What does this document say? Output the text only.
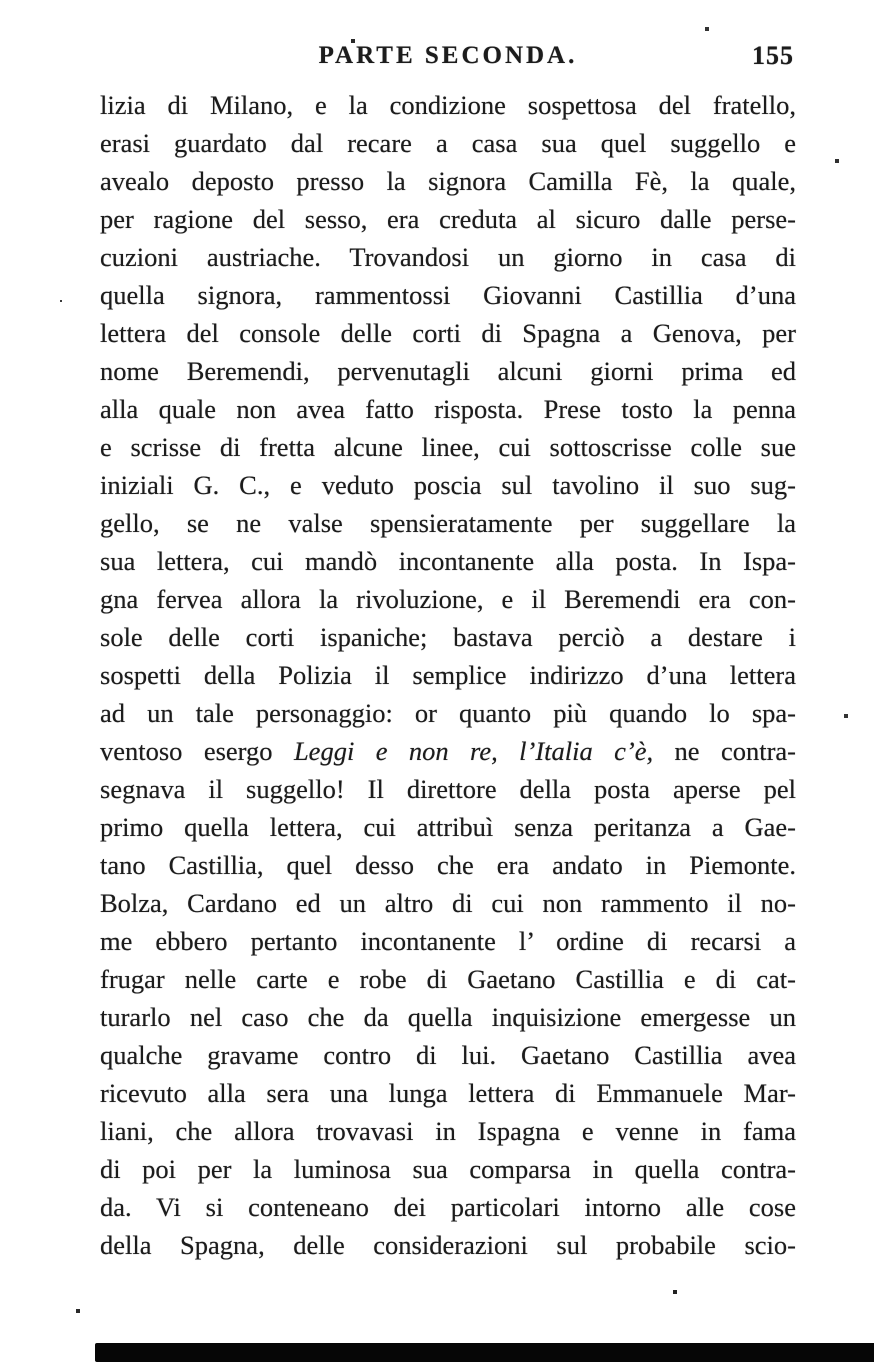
PARTE SECONDA.	155
lizia di Milano, e la condizione sospettosa del fratello,
erasi guardato dal recare a casa sua quel suggello e
avealo deposto presso la signora Camilla Fè, la quale,
per ragione del sesso, era creduta al sicuro dalle perse-
cuzioni austriache. Trovandosi un giorno in casa di
quella signora, rammentossi Giovanni Castillia d’una
lettera del console delle corti di Spagna a Genova, per
nome Beremendi, pervenutagli alcuni giorni prima ed
alla quale non avea fatto risposta. Prese tosto la penna
e scrisse di fretta alcune linee, cui sottoscrisse colle sue
iniziali G. C., e veduto poscia sul tavolino il suo sug-
gello, se ne valse spensieratamente per suggellare la
sua lettera, cui mandò incontanente alla posta. In Ispa-
gna fervea allora la rivoluzione, e il Beremendi era con-
sole delle corti ispaniche; bastava perciò a destare i
sospetti della Polizia il semplice indirizzo d’una lettera
ad un tale personaggio: or quanto più quando lo spa-
ventoso esergo Leggi e non re, l’Italia c’è, ne contra-
segnava il suggello! Il direttore della posta aperse pel
primo quella lettera, cui attribuì senza peritanza a Gae-
tano Castillia, quel desso che era andato in Piemonte.
Bolza, Cardano ed un altro di cui non rammento il no-
me ebbero pertanto incontanente l’ ordine di recarsi a
frugar nelle carte e robe di Gaetano Castillia e di cat-
turarlo nel caso che da quella inquisizione emergesse un
qualche gravame contro di lui. Gaetano Castillia avea
ricevuto alla sera una lunga lettera di Emmanuele Mar-
liani, che allora trovavasi in Ispagna e venne in fama
di poi per la luminosa sua comparsa in quella contra-
da. Vi si conteneano dei particolari intorno alle cose
della Spagna, delle considerazioni sul probabile scio-
